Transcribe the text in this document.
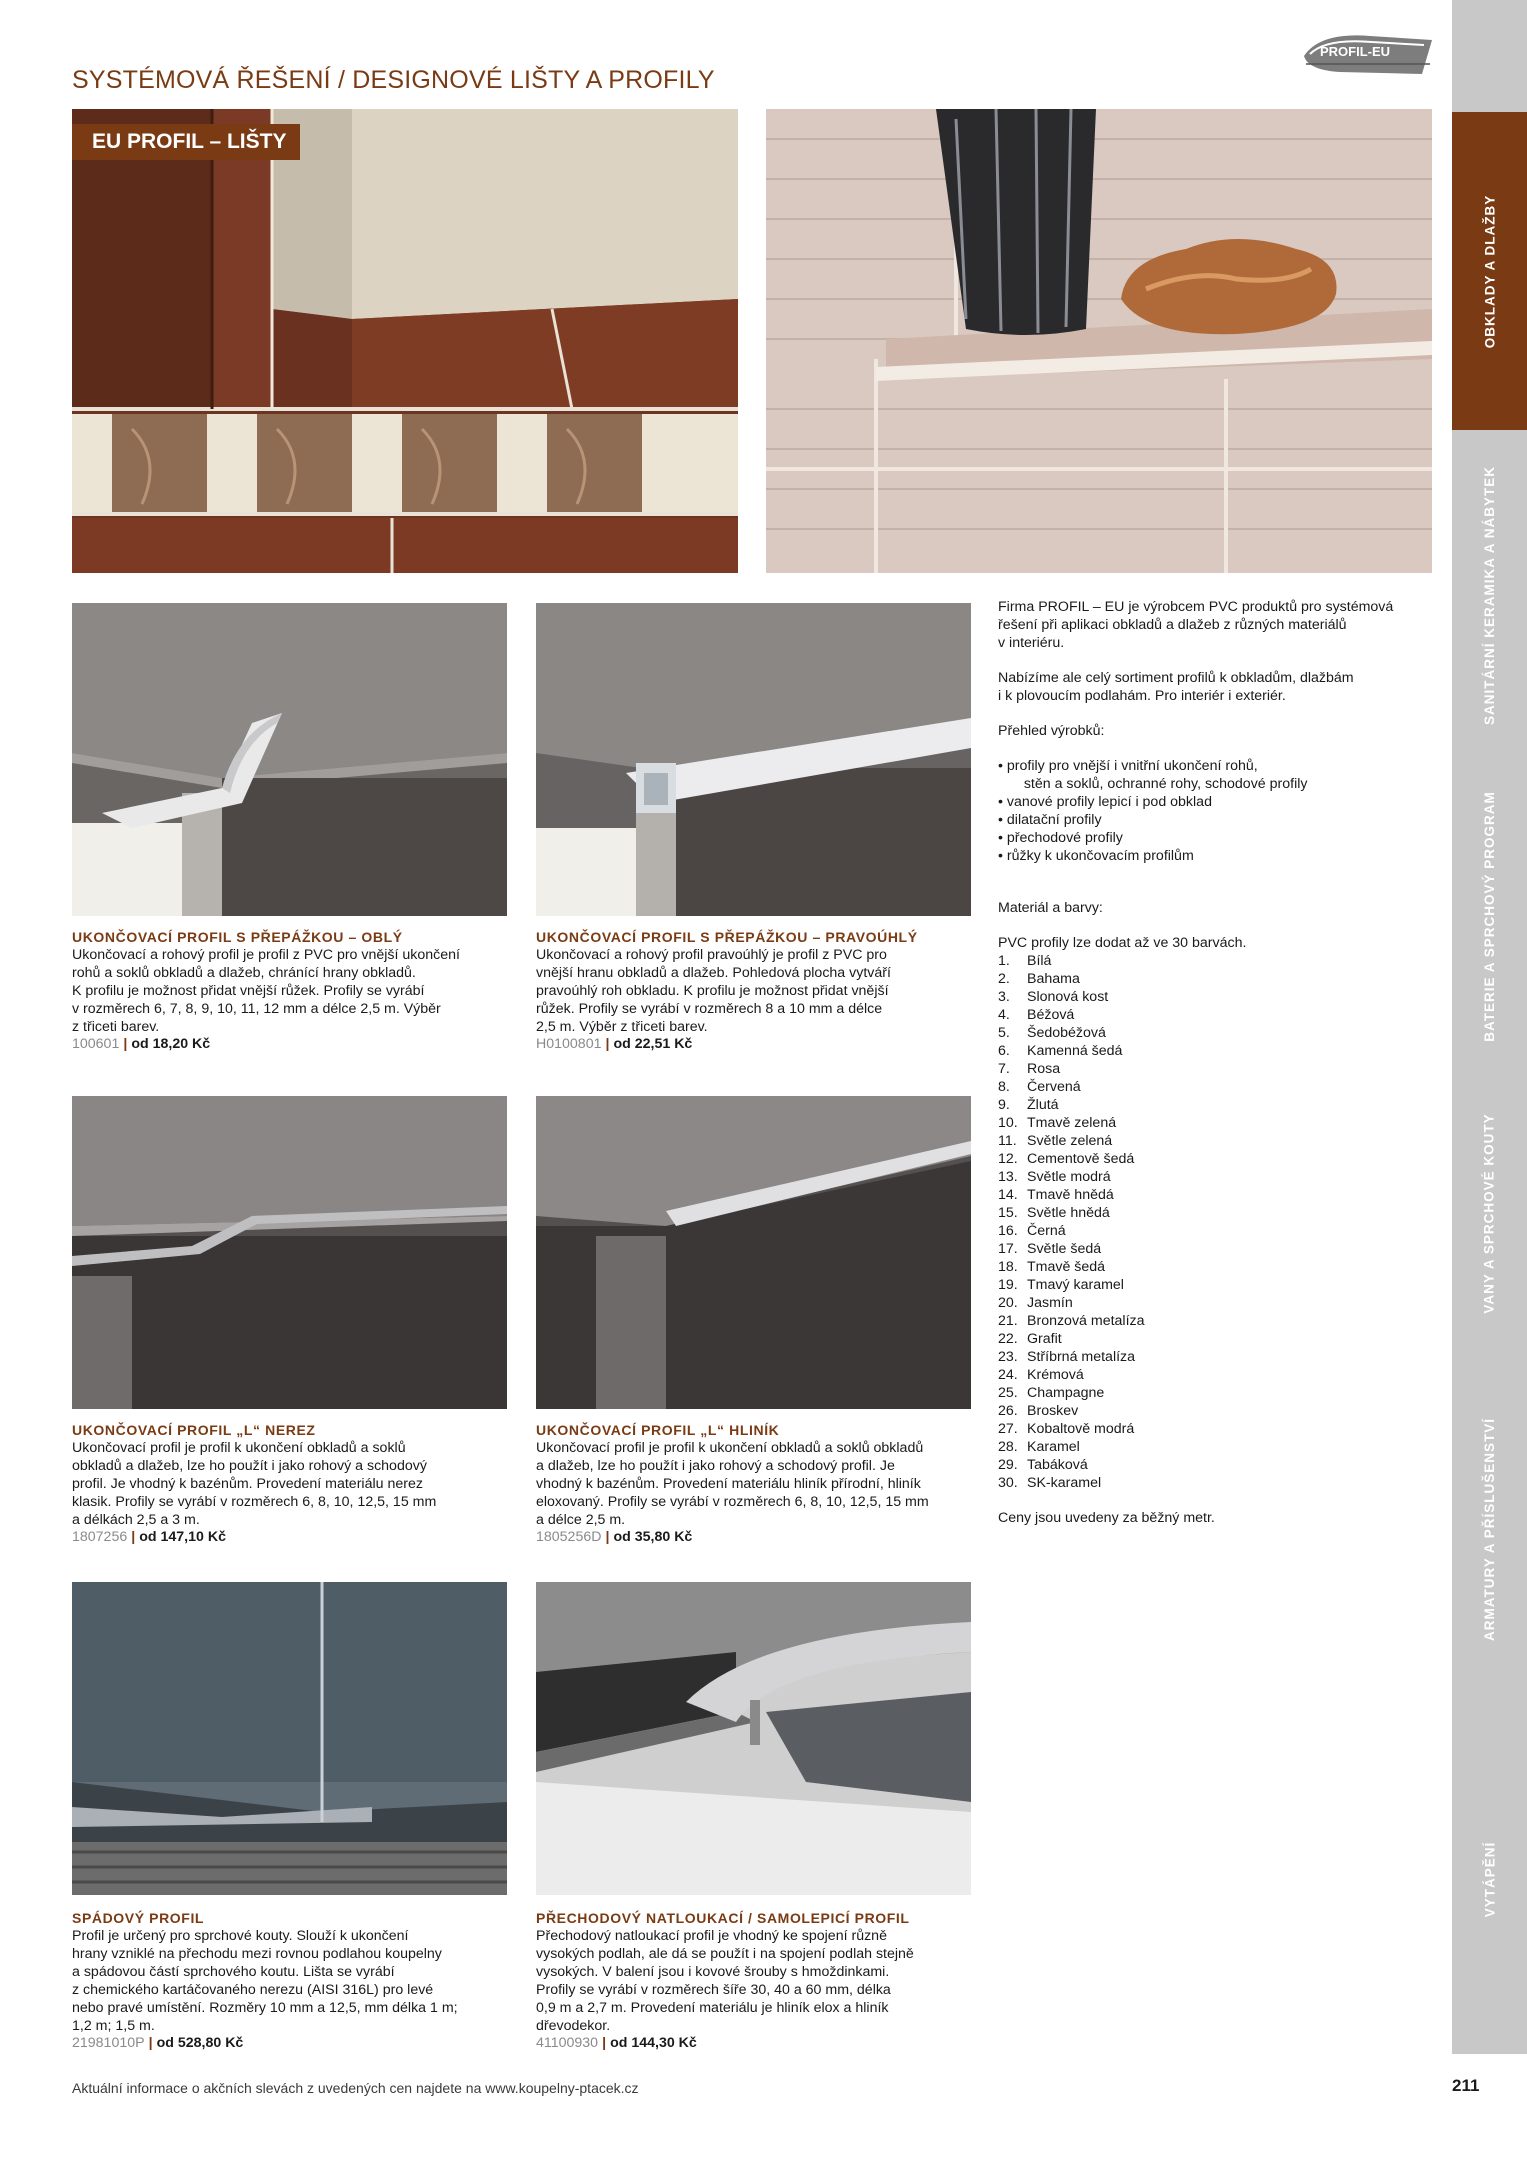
SYSTÉMOVÁ ŘEŠENÍ / DESIGNOVÉ LIŠTY A PROFILY
PROFIL-EU
EU PROFIL – LIŠTY
UKONČOVACÍ PROFIL S PŘEPÁŽKOU – OBLÝ
Ukončovací a rohový profil je profil z PVC pro vnější ukončení
rohů a soklů obkladů a dlažeb, chránící hrany obkladů.
K profilu je možnost přidat vnější růžek. Profily se vyrábí
v rozměrech 6, 7, 8, 9, 10, 11, 12 mm a délce 2,5 m. Výběr
z třiceti barev.
100601 | od 18,20 Kč
UKONČOVACÍ PROFIL S PŘEPÁŽKOU – PRAVOÚHLÝ
Ukončovací a rohový profil pravoúhlý je profil z PVC pro
vnější hranu obkladů a dlažeb. Pohledová plocha vytváří
pravoúhlý roh obkladu. K profilu je možnost přidat vnější
růžek. Profily se vyrábí v rozměrech 8 a 10 mm a délce
2,5 m. Výběr z třiceti barev.
H0100801 | od 22,51 Kč
UKONČOVACÍ PROFIL „L“ NEREZ
Ukončovací profil je profil k ukončení obkladů a soklů
obkladů a dlažeb, lze ho použít i jako rohový a schodový
profil. Je vhodný k bazénům. Provedení materiálu nerez
klasik. Profily se vyrábí v rozměrech 6, 8, 10, 12,5, 15 mm
a délkách 2,5 a 3 m.
1807256 | od 147,10 Kč
UKONČOVACÍ PROFIL „L“ HLINÍK
Ukončovací profil je profil k ukončení obkladů a soklů obkladů
a dlažeb, lze ho použít i jako rohový a schodový profil. Je
vhodný k bazénům. Provedení materiálu hliník přírodní, hliník
eloxovaný. Profily se vyrábí v rozměrech 6, 8, 10, 12,5, 15 mm
a délce 2,5 m.
1805256D | od 35,80 Kč
SPÁDOVÝ PROFIL
Profil je určený pro sprchové kouty. Slouží k ukončení
hrany vzniklé na přechodu mezi rovnou podlahou koupelny
a spádovou částí sprchového koutu. Lišta se vyrábí
z chemického kartáčovaného nerezu (AISI 316L) pro levé
nebo pravé umístění. Rozměry 10 mm a 12,5, mm délka 1 m;
1,2 m; 1,5 m.
21981010P | od 528,80 Kč
PŘECHODOVÝ NATLOUKACÍ / SAMOLEPICÍ PROFIL
Přechodový natloukací profil je vhodný ke spojení různě
vysokých podlah, ale dá se použít i na spojení podlah stejně
vysokých. V balení jsou i kovové šrouby s hmoždinkami.
Profily se vyrábí v rozměrech šíře 30, 40 a 60 mm, délka
0,9 m a 2,7 m. Provedení materiálu je hliník elox a hliník
dřevodekor.
41100930 | od 144,30 Kč

Firma PROFIL – EU je výrobcem PVC produktů pro systémová

řešení při aplikaci obkladů a dlažeb z různých materiálů

v interiéru.

Nabízíme ale celý sortiment profilů k obkladům, dlažbám

i k plovoucím podlahám. Pro interiér i exteriér.

Přehled výrobků:

• profily pro vnější i vnitřní ukončení rohů,
stěn a soklů, ochranné rohy, schodové profily
• vanové profily lepicí i pod obklad
• dilatační profily
• přechodové profily
• růžky k ukončovacím profilům

Materiál a barvy:

PVC profily lze dodat až ve 30 barvách.

1.	Bílá
2.	Bahama
3.	Slonová kost
4.	Béžová
5.	Šedobéžová
6.	Kamenná šedá
7.	Rosa
8.	Červená
9.	Žlutá
10. Tmavě zelená
11. Světle zelená
12. Cementově šedá
13. Světle modrá
14. Tmavě hnědá
15. Světle hnědá
16. Černá
17. Světle šedá
18. Tmavě šedá
19. Tmavý karamel
20. Jasmín
21. Bronzová metalíza
22. Grafit
23. Stříbrná metalíza
24. Krémová
25. Champagne
26. Broskev
27. Kobaltově modrá
28. Karamel
29. Tabáková
30. SK-karamel

Ceny jsou uvedeny za běžný metr.

OBKLADY A DLAŽBY
SANITÁRNÍ KERAMIKA A NÁBYTEK
BATERIE A SPRCHOVÝ PROGRAM
VANY A SPRCHOVÉ KOUTY
ARMATURY A PŘÍSLUŠENSTVÍ
VYTÁPĚNÍ
Aktuální informace o akčních slevách z uvedených cen najdete na www.koupelny-ptacek.cz	211
